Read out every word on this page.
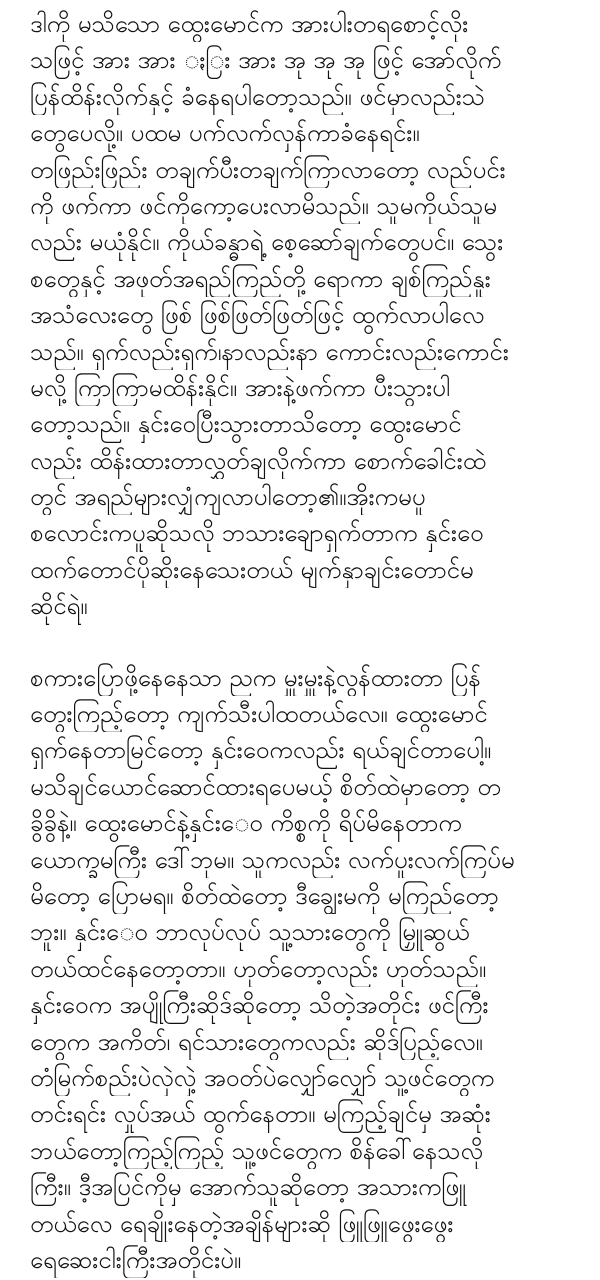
ဒါကို မသိသော ထွေးမောင်က အားပါးတရစောင့်လိုး
သဖြင့် အား အား ႏြး အား အု အု အု ဖြင့် အော်လိုက်
ပြန်ထိန်းလိုက်နှင့် ခံနေရပါတော့သည်။ ဖင်မှာလည်းသဲ
တွေပေလို့။ ပထမ ပက်လက်လှန်ကာခံနေရင်း။
တဖြည်းဖြည်း တချက်ပီးတချက်ကြာလာတော့ လည်ပင်း
ကို ဖက်ကာ ဖင်ကိုကော့ပေးလာမိသည်။ သူမကိုယ်သူမ
လည်း မယုံနိုင်။ ကိုယ်ခန္ဓာရဲ့ စေ့ဆော်ချက်တွေပင်။ သွေး
စတွေနှင့် အဖုတ်အရည်ကြည်တို့ ရောကာ ချစ်ကြည်နူး
အသံလေးတွေ ဖြစ် ဖြစ်ဖြတ်ဖြတ်ဖြင့် ထွက်လာပါလေ
သည်။ ရှက်လည်းရှက်၊နာလည်းနာ ကောင်းလည်းကောင်း
မလို့ ကြာကြာမထိန်းနိုင်။ အားနဲ့ဖက်ကာ ပီးသွားပါ
တော့သည်။ နှင်းဝေပြီးသွားတာသိတော့ ထွေးမောင်
လည်း ထိန်းထားတာလွှတ်ချလိုက်ကာ စောက်ခေါင်းထဲ
တွင် အရည်များလျှံကျလာပါတော့၏။အိုးကမပူ
စလောင်းကပူဆိုသလို ဘသားချောရှက်တာက နှင်းဝေ
ထက်တောင်ပိုဆိုးနေသေးတယ် မျက်နှာချင်းတောင်မ
ဆိုင်ရဲ။
စကားပြောဖို့နေနေသာ ညက မှူးမှူးနဲ့လွန်ထားတာ ပြန်
တွေးကြည့်တော့ ကျက်သီးပါထတယ်လေ။ ထွေးမောင်
ရှက်နေတာမြင်တော့ နှင်းဝေကလည်း ရယ်ချင်တာပေါ့။
မသိချင်ယောင်ဆောင်ထားရပေမယ့် စိတ်ထဲမှာတော့ တ
ခွိခွိနဲ့။ ထွေးမောင်နဲ့နှင်းေဝ ကိစ္စကို ရိပ်မိနေတာက
ယောက္ခမကြီး ဒေါ်ဘုမ။ သူကလည်း လက်ပူးလက်ကြပ်မ
မိတော့ ပြောမရ။ စိတ်ထဲတော့ ဒီချွေးမကို မကြည်တော့
ဘူး။ နှင်းေဝ ဘာလုပ်လုပ် သူ့သားတွေကို မြှူဆွယ်
တယ်ထင်နေတော့တာ။ ဟုတ်တော့လည်း ဟုတ်သည်။
နှင်းဝေက အပျိုကြီးဆိုဒ်ဆိုတော့ သိတဲ့အတိုင်း ဖင်ကြီး
တွေက အကိတ်၊ ရင်သားတွေကလည်း ဆိုဒ်ပြည့်လေ။
တံမြက်စည်းပဲလှဲလှဲ့ အဝတ်ပဲလျှော်လျှော် သူ့ဖင်တွေက
တင်းရင်း လှုပ်အယ် ထွက်နေတာ။ မကြည့်ချင်မှ အဆုံး
ဘယ်တော့ကြည့်ကြည့် သူ့ဖင်တွေက စိန်ခေါ်နေသလို
ကြီး။ ဒီ့အပြင်ကိုမှ အောက်သူဆိုတော့ အသားကဖြူ
တယ်လေ ရေချိုးနေတဲ့အချိန်များဆို ဖြူဖြူဖွေးဖွေး
ရေဆေးငါးကြီးအတိုင်းပဲ။
